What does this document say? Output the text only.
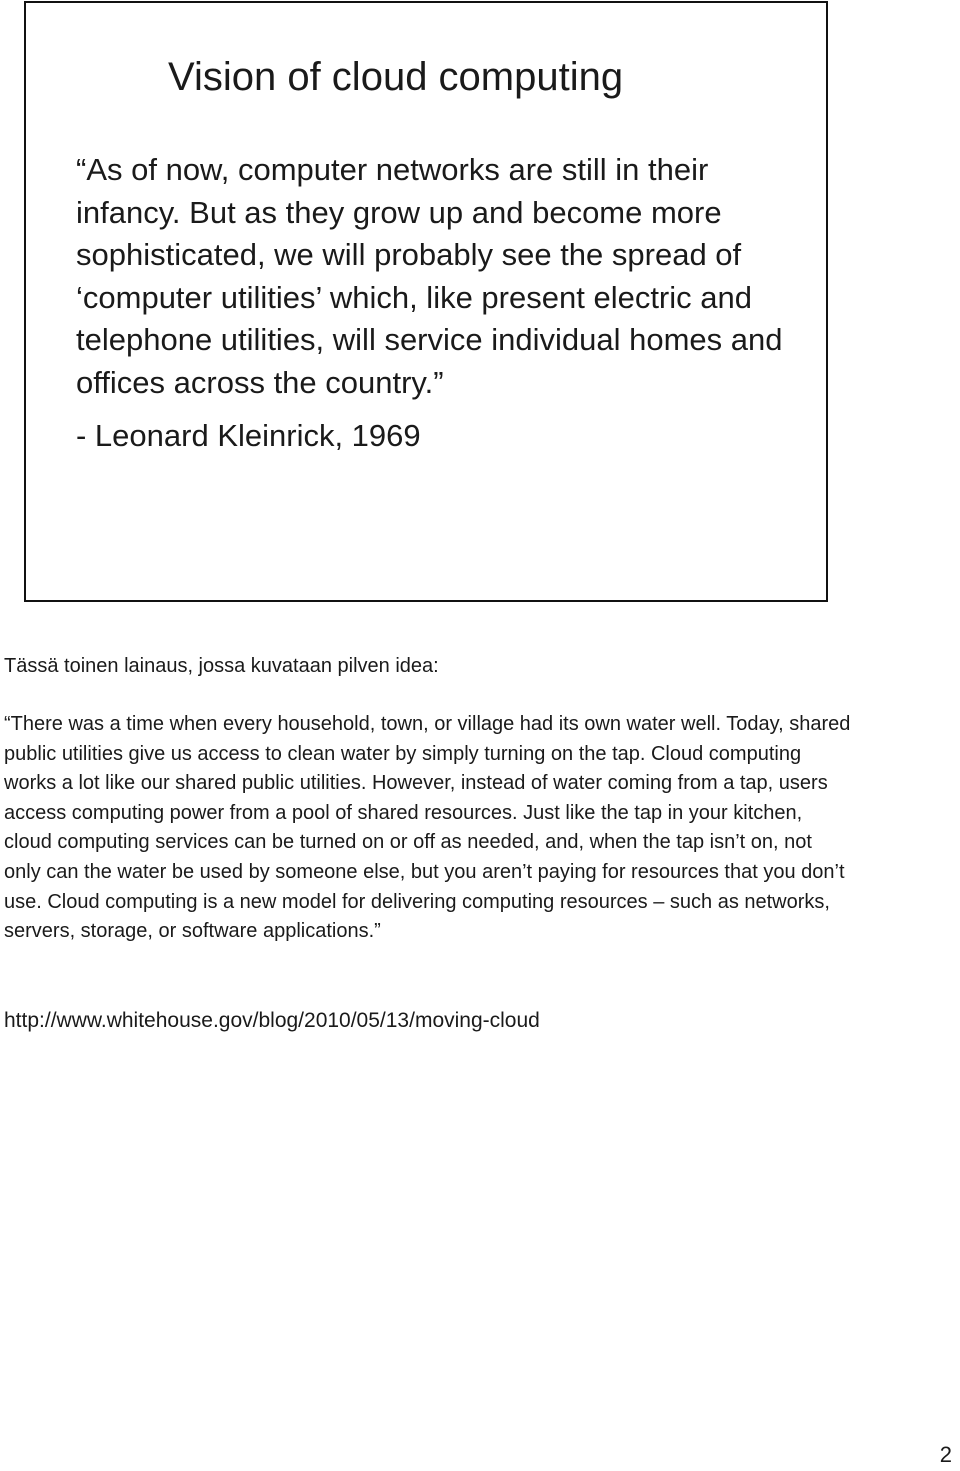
Vision of cloud computing

“As of now, computer networks are still in their infancy. But as they grow up and become more sophisticated, we will probably see the spread of ‘computer utilities’ which, like present electric and telephone utilities, will service individual homes and offices across the country.”

- Leonard Kleinrick, 1969

Tässä toinen lainaus, jossa kuvataan pilven idea:

“There was a time when every household, town, or village had its own water well. Today, shared public utilities give us access to clean water by simply turning on the tap. Cloud computing works a lot like our shared public utilities. However, instead of water coming from a tap, users access computing power from a pool of shared resources. Just like the tap in your kitchen, cloud computing services can be turned on or off as needed, and, when the tap isn’t on, not only can the water be used by someone else, but you aren’t paying for resources that you don’t use. Cloud computing is a new model for delivering computing resources – such as networks, servers, storage, or software applications.”

http://www.whitehouse.gov/blog/2010/05/13/moving-cloud

2
